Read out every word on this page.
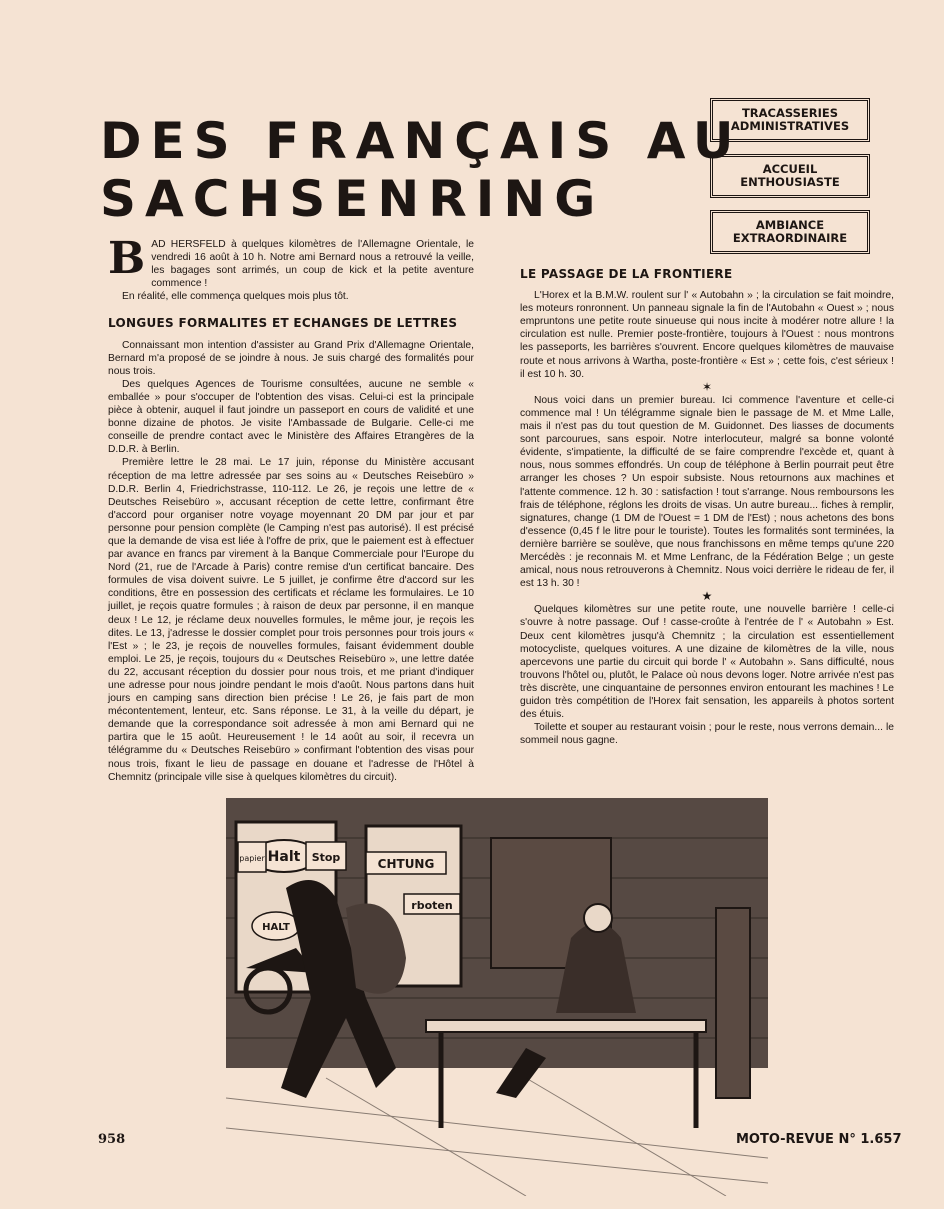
DES FRANÇAIS AU
SACHSENRING
TRACASSERIES ADMINISTRATIVES
ACCUEIL ENTHOUSIASTE
AMBIANCE EXTRAORDINAIRE

BAD HERSFELD à quelques kilomètres de l'Allemagne Orientale, le vendredi 16 août à 10 h. Notre ami Bernard nous a retrouvé la veille, les bagages sont arrimés, un coup de kick et la petite aventure commence !

En réalité, elle commença quelques mois plus tôt.

LONGUES FORMALITES ET ECHANGES DE LETTRES

Connaissant mon intention d'assister au Grand Prix d'Allemagne Orientale, Bernard m'a proposé de se joindre à nous. Je suis chargé des formalités pour nous trois.

Des quelques Agences de Tourisme consultées, aucune ne semble « emballée » pour s'occuper de l'obtention des visas. Celui-ci est la principale pièce à obtenir, auquel il faut joindre un passeport en cours de validité et une bonne dizaine de photos. Je visite l'Ambassade de Bulgarie. Celle-ci me conseille de prendre contact avec le Ministère des Affaires Etrangères de la D.D.R. à Berlin.

Première lettre le 28 mai. Le 17 juin, réponse du Ministère accusant réception de ma lettre adressée par ses soins au « Deutsches Reisebüro » D.D.R. Berlin 4, Friedrichstrasse, 110-112. Le 26, je reçois une lettre de « Deutsches Reisebüro », accusant réception de cette lettre, confirmant être d'accord pour organiser notre voyage moyennant 20 DM par jour et par personne pour pension complète (le Camping n'est pas autorisé). Il est précisé que la demande de visa est liée à l'offre de prix, que le paiement est à effectuer par avance en francs par virement à la Banque Commerciale pour l'Europe du Nord (21, rue de l'Arcade à Paris) contre remise d'un certificat bancaire. Des formules de visa doivent suivre. Le 5 juillet, je confirme être d'accord sur les conditions, être en possession des certificats et réclame les formulaires. Le 10 juillet, je reçois quatre formules ; à raison de deux par personne, il en manque deux ! Le 12, je réclame deux nouvelles formules, le même jour, je reçois les dites. Le 13, j'adresse le dossier complet pour trois personnes pour trois jours « l'Est » ; le 23, je reçois de nouvelles formules, faisant évidemment double emploi. Le 25, je reçois, toujours du « Deutsches Reisebüro », une lettre datée du 22, accusant réception du dossier pour nous trois, et me priant d'indiquer une adresse pour nous joindre pendant le mois d'août. Nous partons dans huit jours en camping sans direction bien précise ! Le 26, je fais part de mon mécontentement, lenteur, etc. Sans réponse. Le 31, à la veille du départ, je demande que la correspondance soit adressée à mon ami Bernard qui ne partira que le 15 août. Heureusement ! le 14 août au soir, il recevra un télégramme du « Deutsches Reisebüro » confirmant l'obtention des visas pour nous trois, fixant le lieu de passage en douane et l'adresse de l'Hôtel à Chemnitz (principale ville sise à quelques kilomètres du circuit).

LE PASSAGE DE LA FRONTIERE

L'Horex et la B.M.W. roulent sur l' « Autobahn » ; la circulation se fait moindre, les moteurs ronronnent. Un panneau signale la fin de l'Autobahn « Ouest » ; nous empruntons une petite route sinueuse qui nous incite à modérer notre allure ! la circulation est nulle. Premier poste-frontière, toujours à l'Ouest : nous montrons les passeports, les barrières s'ouvrent. Encore quelques kilomètres de mauvaise route et nous arrivons à Wartha, poste-frontière « Est » ; cette fois, c'est sérieux ! il est 10 h. 30.

✶

Nous voici dans un premier bureau. Ici commence l'aventure et celle-ci commence mal ! Un télégramme signale bien le passage de M. et Mme Lalle, mais il n'est pas du tout question de M. Guidonnet. Des liasses de documents sont parcourues, sans espoir. Notre interlocuteur, malgré sa bonne volonté évidente, s'impatiente, la difficulté de se faire comprendre l'excède et, quant à nous, nous sommes effondrés. Un coup de téléphone à Berlin pourrait peut être arranger les choses ? Un espoir subsiste. Nous retournons aux machines et l'attente commence. 12 h. 30 : satisfaction ! tout s'arrange. Nous remboursons les frais de téléphone, réglons les droits de visas. Un autre bureau... fiches à remplir, signatures, change (1 DM de l'Ouest = 1 DM de l'Est) ; nous achetons des bons d'essence (0,45 f le litre pour le touriste). Toutes les formalités sont terminées, la dernière barrière se soulève, que nous franchissons en même temps qu'une 220 Mercédès : je reconnais M. et Mme Lenfranc, de la Fédération Belge ; un geste amical, nous nous retrouverons à Chemnitz. Nous voici derrière le rideau de fer, il est 13 h. 30 !

★

Quelques kilomètres sur une petite route, une nouvelle barrière ! celle-ci s'ouvre à notre passage. Ouf ! casse-croûte à l'entrée de l' « Autobahn » Est. Deux cent kilomètres jusqu'à Chemnitz ; la circulation est essentiellement motocycliste, quelques voitures. A une dizaine de kilomètres de la ville, nous apercevons une partie du circuit qui borde l' « Autobahn ». Sans difficulté, nous trouvons l'hôtel ou, plutôt, le Palace où nous devons loger. Notre arrivée n'est pas très discrète, une cinquantaine de personnes environ entourant les machines ! Le guidon très compétition de l'Horex fait sensation, les appareils à photos sortent des étuis.

Toilette et souper au restaurant voisin ; pour le reste, nous verrons demain... le sommeil nous gagne.

Halt
papier	Stop	CHTUNG
rboten
HALT
958	MOTO-REVUE N° 1.657
